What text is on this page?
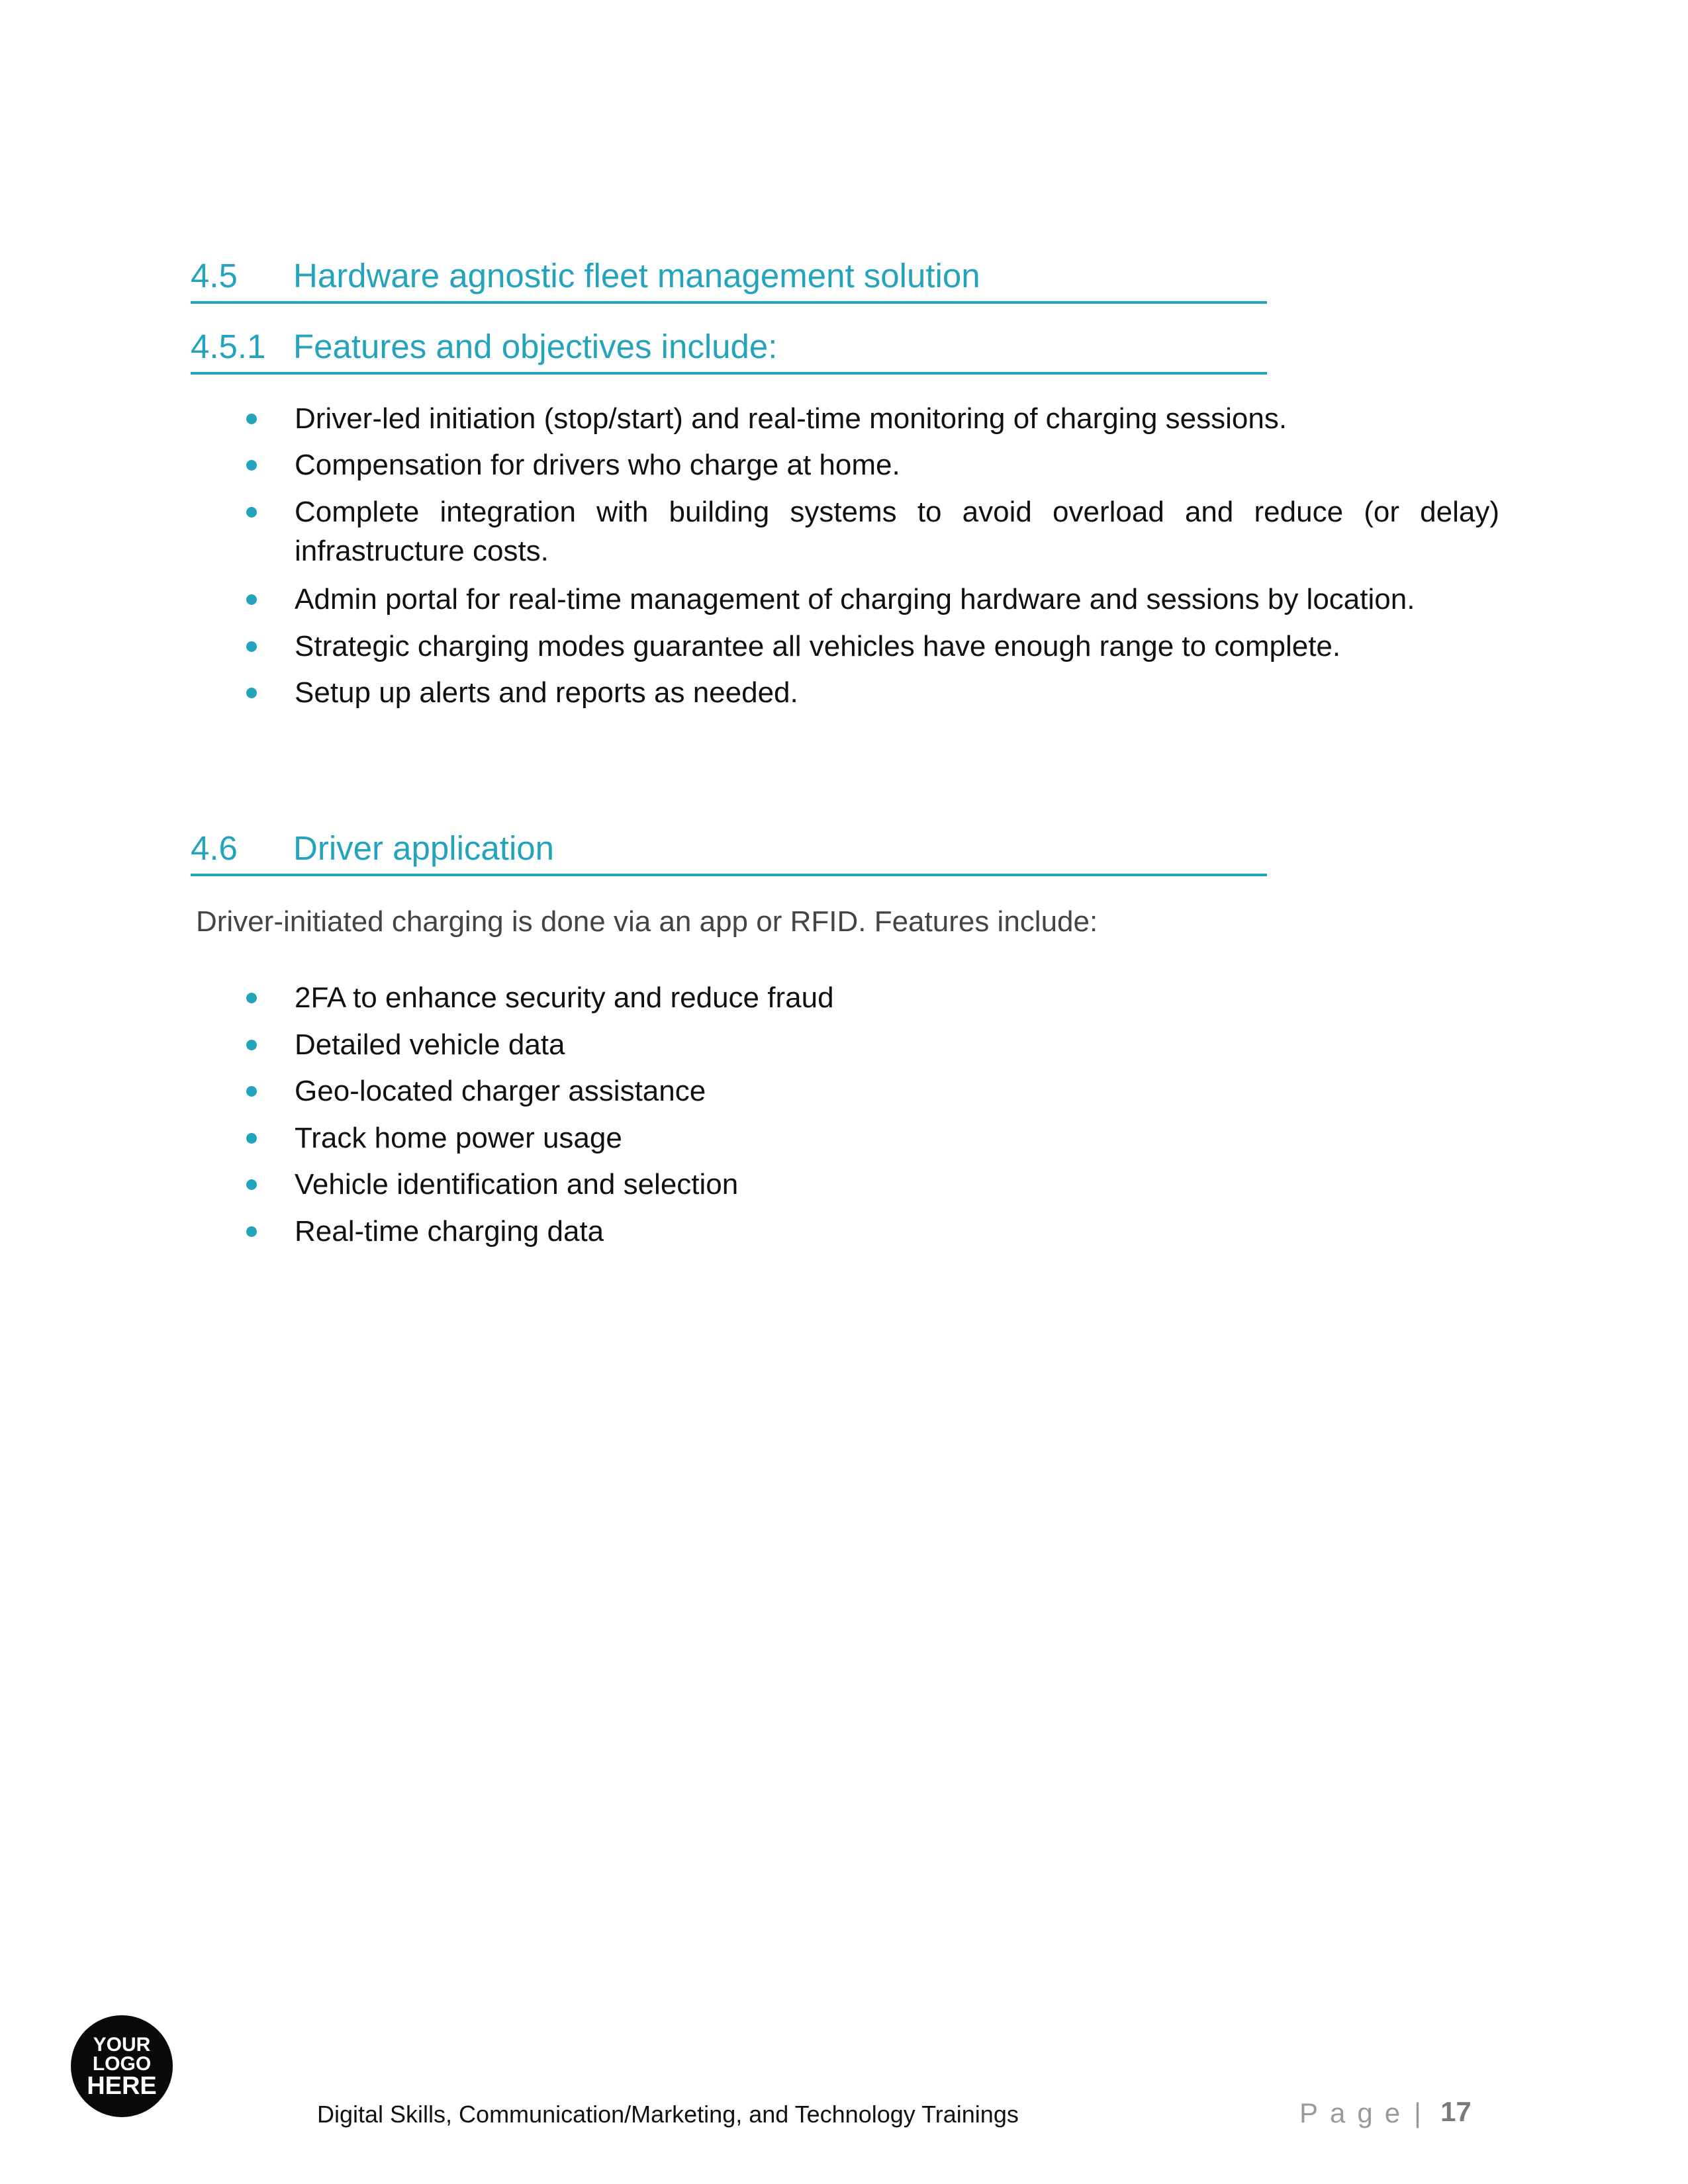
4.5 Hardware agnostic fleet management solution
4.5.1 Features and objectives include:
Driver-led initiation (stop/start) and real-time monitoring of charging sessions.
Compensation for drivers who charge at home.
Complete integration with building systems to avoid overload and reduce (or delay) infrastructure costs.
Admin portal for real-time management of charging hardware and sessions by location.
Strategic charging modes guarantee all vehicles have enough range to complete.
Setup up alerts and reports as needed.
4.6 Driver application
Driver-initiated charging is done via an app or RFID. Features include:
2FA to enhance security and reduce fraud
Detailed vehicle data
Geo-located charger assistance
Track home power usage
Vehicle identification and selection
Real-time charging data
YOUR
LOGO
HERE
Digital Skills, Communication/Marketing, and Technology Trainings	Page | 17
